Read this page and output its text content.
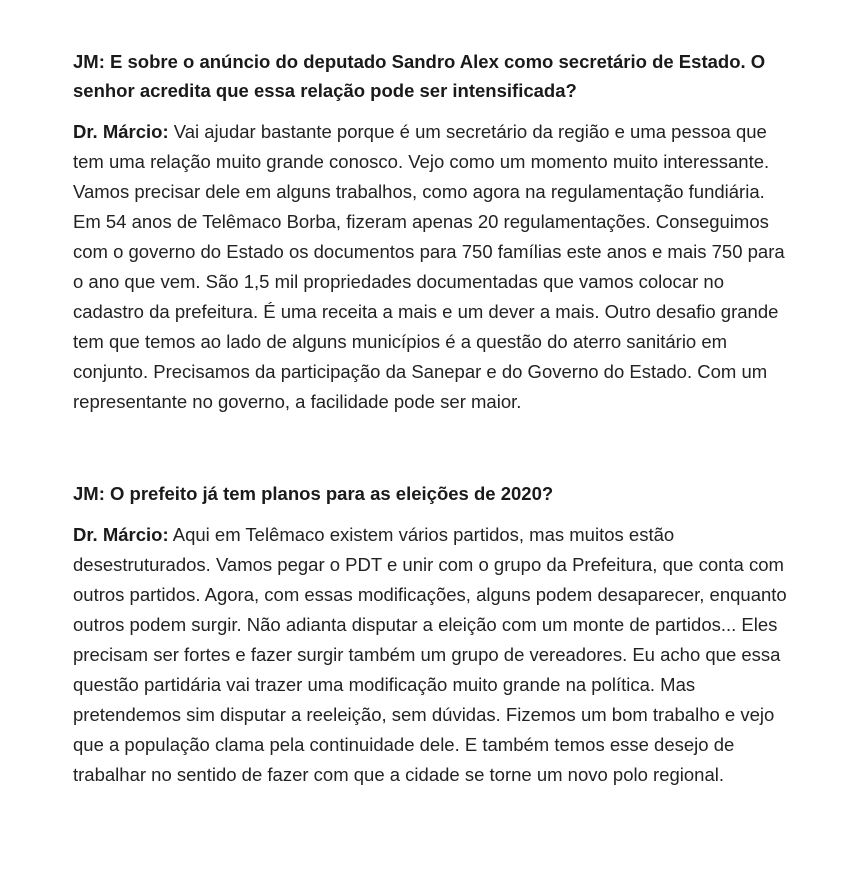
JM: E sobre o anúncio do deputado Sandro Alex como secretário de Estado. O senhor acredita que essa relação pode ser intensificada?

Dr. Márcio: Vai ajudar bastante porque é um secretário da região e uma pessoa que tem uma relação muito grande conosco. Vejo como um momento muito interessante. Vamos precisar dele em alguns trabalhos, como agora na regulamentação fundiária. Em 54 anos de Telêmaco Borba, fizeram apenas 20 regulamentações. Conseguimos com o governo do Estado os documentos para 750 famílias este anos e mais 750 para o ano que vem. São 1,5 mil propriedades documentadas que vamos colocar no cadastro da prefeitura. É uma receita a mais e um dever a mais. Outro desafio grande tem que temos ao lado de alguns municípios é a questão do aterro sanitário em conjunto. Precisamos da participação da Sanepar e do Governo do Estado. Com um representante no governo, a facilidade pode ser maior.

JM: O prefeito já tem planos para as eleições de 2020?

Dr. Márcio: Aqui em Telêmaco existem vários partidos, mas muitos estão desestruturados. Vamos pegar o PDT e unir com o grupo da Prefeitura, que conta com outros partidos. Agora, com essas modificações, alguns podem desaparecer, enquanto outros podem surgir. Não adianta disputar a eleição com um monte de partidos... Eles precisam ser fortes e fazer surgir também um grupo de vereadores. Eu acho que essa questão partidária vai trazer uma modificação muito grande na política. Mas pretendemos sim disputar a reeleição, sem dúvidas. Fizemos um bom trabalho e vejo que a população clama pela continuidade dele. E também temos esse desejo de trabalhar no sentido de fazer com que a cidade se torne um novo polo regional.
